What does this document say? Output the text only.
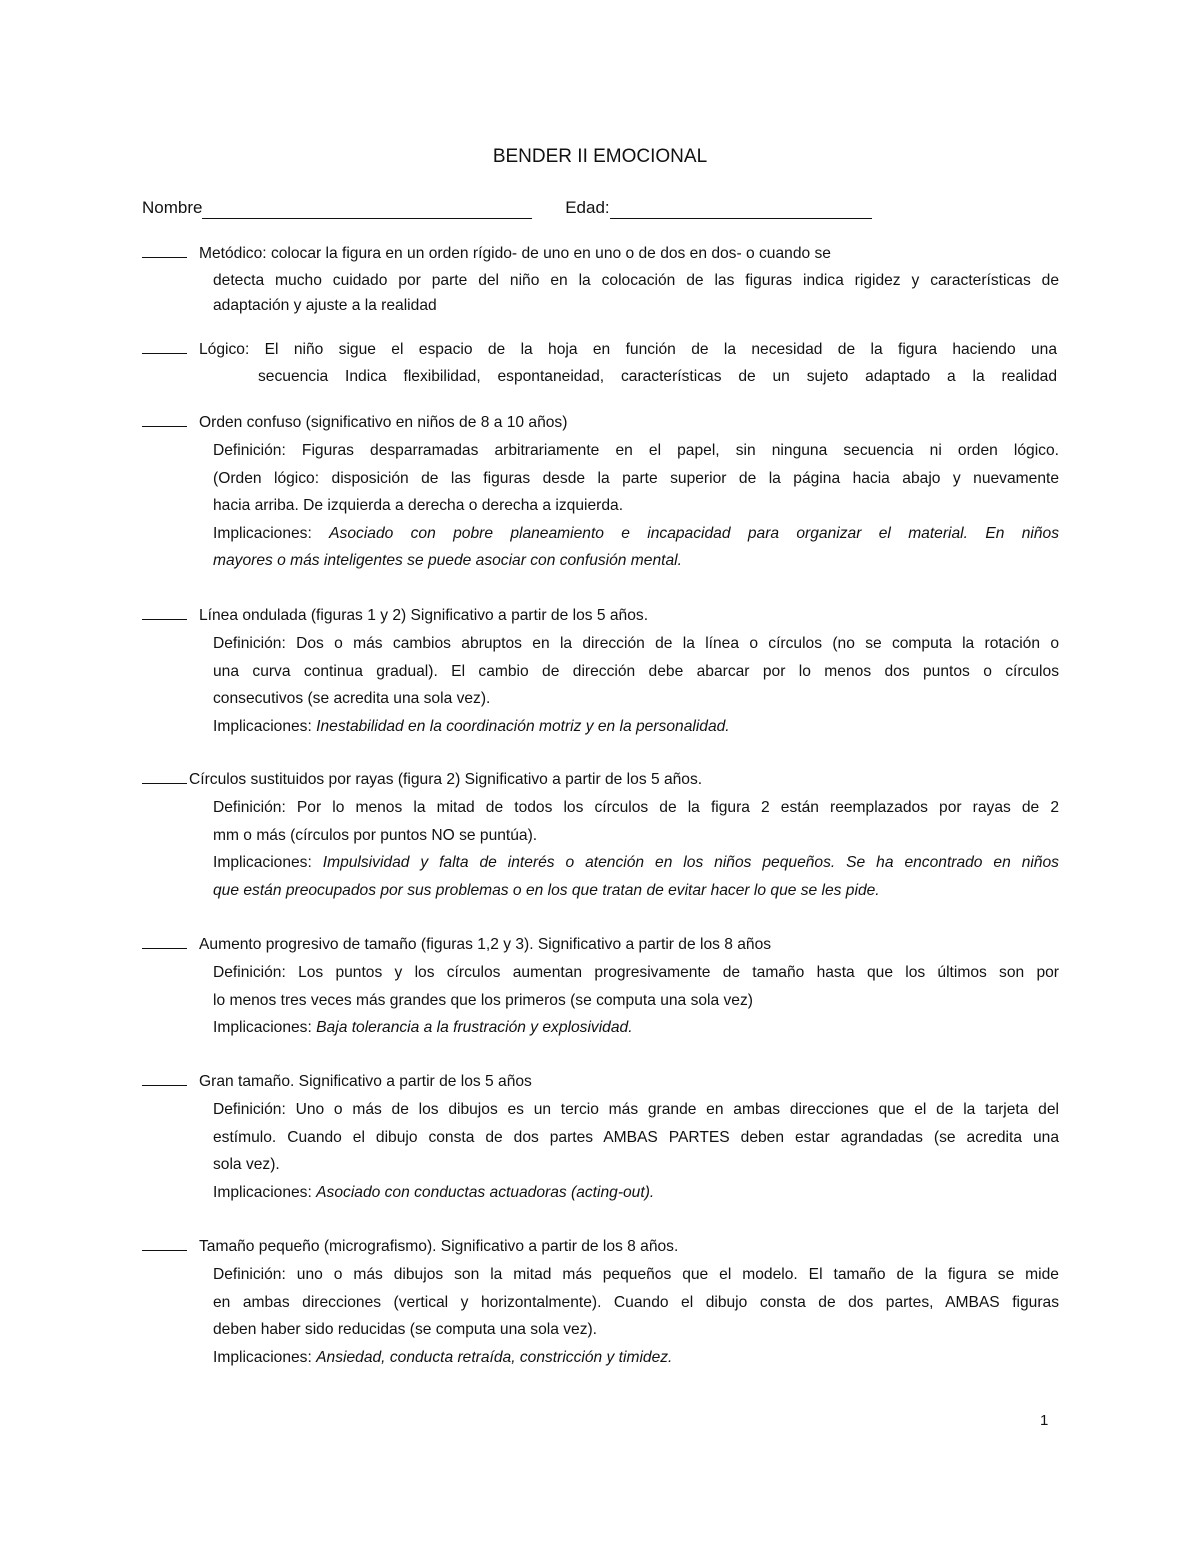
BENDER II EMOCIONAL
Nombre	Edad:
Metódico: colocar la figura en un orden rígido- de uno en uno o de dos en dos- o cuando se
detecta mucho cuidado por parte del niño en la colocación de las figuras indica rigidez y características de
adaptación y ajuste a la realidad
Lógico: El niño sigue el espacio de la hoja en función de la necesidad de la figura haciendo una
secuencia Indica flexibilidad, espontaneidad, características de un sujeto adaptado a la realidad
Orden confuso (significativo en niños de 8 a 10 años)
Definición: Figuras desparramadas arbitrariamente en el papel, sin ninguna secuencia ni orden lógico.
(Orden lógico: disposición de las figuras desde la parte superior de la página hacia abajo y nuevamente
hacia arriba. De izquierda a derecha o derecha a izquierda.
Implicaciones: Asociado con pobre planeamiento e incapacidad para organizar el material. En niños
mayores o más inteligentes se puede asociar con confusión mental.
Línea ondulada (figuras 1 y 2) Significativo a partir de los 5 años.
Definición: Dos o más cambios abruptos en la dirección de la línea o círculos (no se computa la rotación o
una curva continua gradual). El cambio de dirección debe abarcar por lo menos dos puntos o círculos
consecutivos (se acredita una sola vez).
Implicaciones: Inestabilidad en la coordinación motriz y en la personalidad.
Círculos sustituidos por rayas (figura 2) Significativo a partir de los 5 años.
Definición: Por lo menos la mitad de todos los círculos de la figura 2 están reemplazados por rayas de 2
mm o más (círculos por puntos NO se puntúa).
Implicaciones: Impulsividad y falta de interés o atención en los niños pequeños. Se ha encontrado en niños
que están preocupados por sus problemas o en los que tratan de evitar hacer lo que se les pide.
Aumento progresivo de tamaño (figuras 1,2 y 3). Significativo a partir de los 8 años
Definición: Los puntos y los círculos aumentan progresivamente de tamaño hasta que los últimos son por
lo menos tres veces más grandes que los primeros (se computa una sola vez)
Implicaciones: Baja tolerancia a la frustración y explosividad.
Gran tamaño. Significativo a partir de los 5 años
Definición: Uno o más de los dibujos es un tercio más grande en ambas direcciones que el de la tarjeta del
estímulo. Cuando el dibujo consta de dos partes AMBAS PARTES deben estar agrandadas (se acredita una
sola vez).
Implicaciones: Asociado con conductas actuadoras (acting-out).
Tamaño pequeño (micrografismo). Significativo a partir de los 8 años.
Definición: uno o más dibujos son la mitad más pequeños que el modelo. El tamaño de la figura se mide
en ambas direcciones (vertical y horizontalmente). Cuando el dibujo consta de dos partes, AMBAS figuras
deben haber sido reducidas (se computa una sola vez).
Implicaciones: Ansiedad, conducta retraída, constricción y timidez.
1
